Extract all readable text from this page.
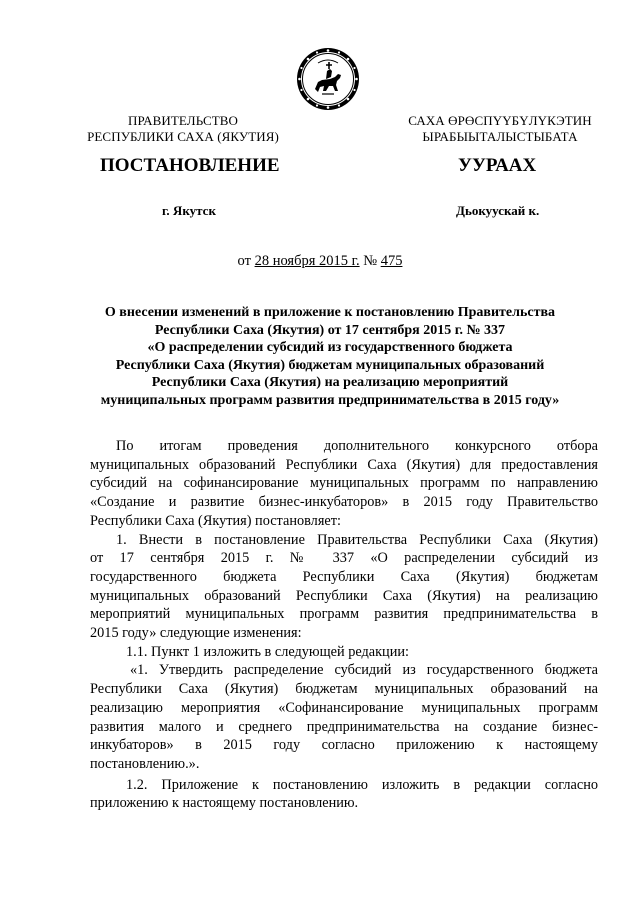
ПРАВИТЕЛЬСТВО
РЕСПУБЛИКИ САХА (ЯКУТИЯ)
САХА ӨРӨСПҮҮБҮЛҮКЭТИН
ЫРАБЫЫТАЛЫСТЫБАТА
ПОСТАНОВЛЕНИЕ	УУРААХ
г. Якутск	Дьокуускай к.
от 28 ноября 2015 г. № 475
О внесении изменений в приложение к постановлению Правительства
Республики Саха (Якутия) от 17 сентября 2015 г. № 337
«О распределении субсидий из государственного бюджета
Республики Саха (Якутия) бюджетам муниципальных образований
Республики Саха (Якутия) на реализацию мероприятий
муниципальных программ развития предпринимательства в 2015 году»
По итогам проведения дополнительного конкурсного отбора
муниципальных образований Республики Саха (Якутия) для предоставления
субсидий на софинансирование муниципальных программ по направлению
«Создание и развитие бизнес-инкубаторов» в 2015 году Правительство
Республики Саха (Якутия) постановляет:
1. Внести в постановление Правительства Республики Саха (Якутия)
от 17 сентября 2015 г. № 337 «О распределении субсидий из
государственного бюджета Республики Саха (Якутия) бюджетам
муниципальных образований Республики Саха (Якутия) на реализацию
мероприятий муниципальных программ развития предпринимательства в
2015 году» следующие изменения:
1.1. Пункт 1 изложить в следующей редакции:
«1. Утвердить распределение субсидий из государственного бюджета
Республики Саха (Якутия) бюджетам муниципальных образований на
реализацию мероприятия «Софинансирование муниципальных программ
развития малого и среднего предпринимательства на создание бизнес-
инкубаторов» в 2015 году согласно приложению к настоящему
постановлению.».
1.2. Приложение к постановлению изложить в редакции согласно
приложению к настоящему постановлению.
